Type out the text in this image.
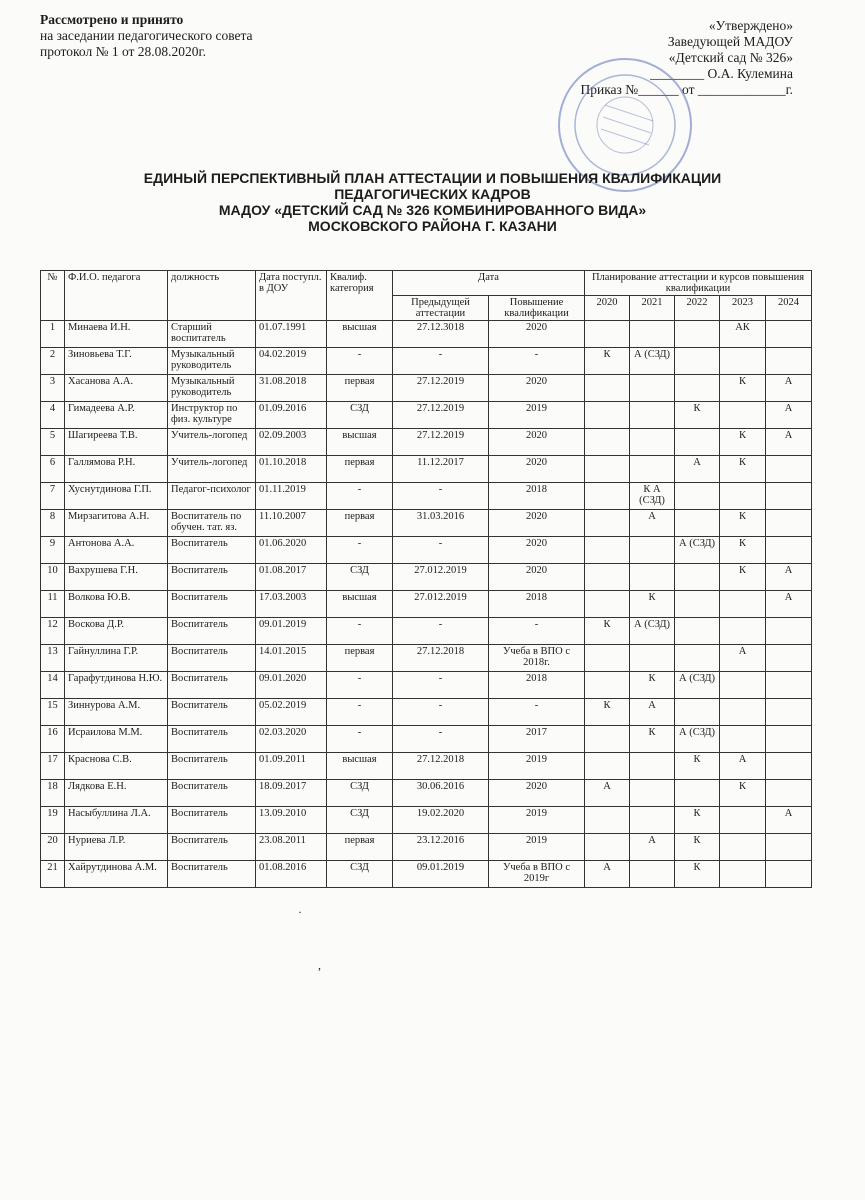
Рассмотрено и принято
на заседании педагогического совета
протокол № 1 от 28.08.2020г.
«Утверждено»
Заведующей МАДОУ
«Детский сад № 326»
________ О.А. Кулемина
Приказ №______ от _____________г.
ЕДИНЫЙ ПЕРСПЕКТИВНЫЙ ПЛАН АТТЕСТАЦИИ И ПОВЫШЕНИЯ КВАЛИФИКАЦИИ
ПЕДАГОГИЧЕСКИХ КАДРОВ
МАДОУ «ДЕТСКИЙ САД № 326 КОМБИНИРОВАННОГО ВИДА»
МОСКОВСКОГО РАЙОНА Г. КАЗАНИ
№	Ф.И.О. педагога	должность	Дата поступл. в ДОУ	Квалиф. категория	Дата		Планирование аттестации и курсов повышения квалификации				
					Предыдущей аттестации	Повышение квалификации	2020	2021	2022	2023	2024
1	Минаева И.Н.	Старший воспитатель	01.07.1991	высшая	27.12.3018	2020				АК	
2	Зиновьева Т.Г.	Музыкальный руководитель	04.02.2019	-	-	-	К	А (СЗД)			
3	Хасанова А.А.	Музыкальный руководитель	31.08.2018	первая	27.12.2019	2020				К	А
4	Гимадеева А.Р.	Инструктор по физ. культуре	01.09.2016	СЗД	27.12.2019	2019			К		А
5	Шагиреева Т.В.	Учитель-логопед	02.09.2003	высшая	27.12.2019	2020				К	А
6	Галлямова Р.Н.	Учитель-логопед	01.10.2018	первая	11.12.2017	2020			А	К	
7	Хуснутдинова Г.П.	Педагог-психолог	01.11.2019	-	-	2018		К А (СЗД)			
8	Мирзагитова А.Н.	Воспитатель по обучен. тат. яз.	11.10.2007	первая	31.03.2016	2020		А		К	
9	Антонова А.А.	Воспитатель	01.06.2020	-	-	2020			А (СЗД)	К	
10	Вахрушева Г.Н.	Воспитатель	01.08.2017	СЗД	27.012.2019	2020				К	А
11	Волкова Ю.В.	Воспитатель	17.03.2003	высшая	27.012.2019	2018		К			А
12	Воскова Д.Р.	Воспитатель	09.01.2019	-	-	-	К	А (СЗД)			
13	Гайнуллина Г.Р.	Воспитатель	14.01.2015	первая	27.12.2018	Учеба в ВПО с 2018г.				А	
14	Гарафутдинова Н.Ю.	Воспитатель	09.01.2020	-	-	2018		К	А (СЗД)		
15	Зиннурова А.М.	Воспитатель	05.02.2019	-	-	-	К	А			
16	Исраилова М.М.	Воспитатель	02.03.2020	-	-	2017		К	А (СЗД)		
17	Краснова С.В.	Воспитатель	01.09.2011	высшая	27.12.2018	2019			К	А	
18	Лядкова Е.Н.	Воспитатель	18.09.2017	СЗД	30.06.2016	2020	А			К	
19	Насыбуллина Л.А.	Воспитатель	13.09.2010	СЗД	19.02.2020	2019			К		А
20	Нуриева Л.Р.	Воспитатель	23.08.2011	первая	23.12.2016	2019		А	К		
21	Хайрутдинова А.М.	Воспитатель	01.08.2016	СЗД	09.01.2019	Учеба в ВПО с 2019г	А		К		
·
,
